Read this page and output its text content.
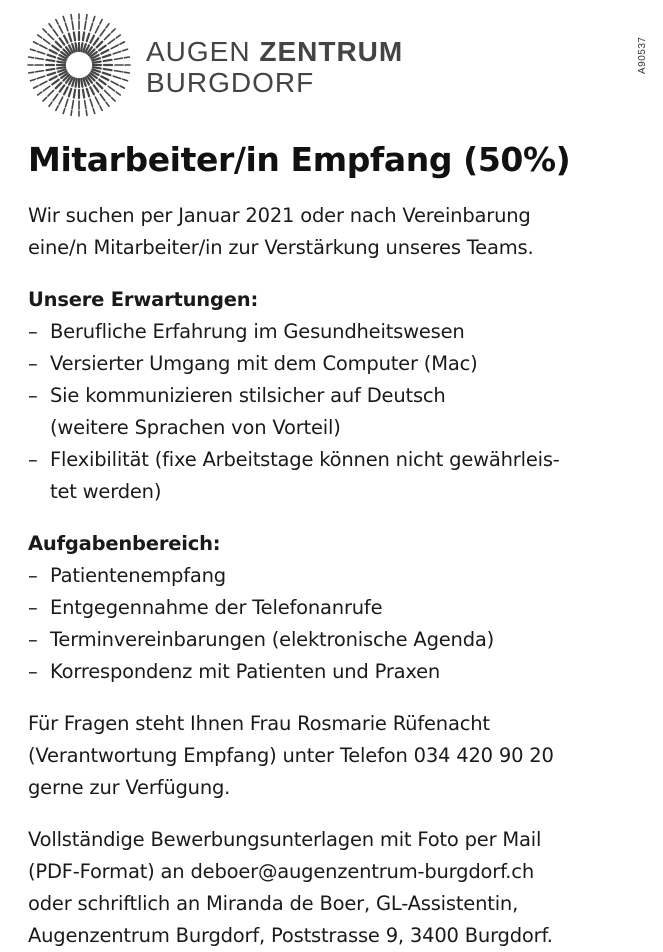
A90537
AUGEN ZENTRUM
BURGDORF
Mitarbeiter/in Empfang (50%)

Wir suchen per Januar 2021 oder nach Vereinbarung

eine/n Mitarbeiter/in zur Verstärkung unseres Teams.

Unsere Erwartungen:
– Berufliche Erfahrung im Gesundheitswesen
– Versierter Umgang mit dem Computer (Mac)
– Sie kommunizieren stilsicher auf Deutsch
(weitere Sprachen von Vorteil)
– Flexibilität (fixe Arbeitstage können nicht gewährleis-
tet werden)
Aufgabenbereich:
– Patientenempfang
– Entgegennahme der Telefonanrufe
– Terminvereinbarungen (elektronische Agenda)
– Korrespondenz mit Patienten und Praxen

Für Fragen steht Ihnen Frau Rosmarie Rüfenacht

(Verantwortung Empfang) unter Telefon 034 420 90 20

gerne zur Verfügung.

Vollständige Bewerbungsunterlagen mit Foto per Mail

(PDF-Format) an deboer@augenzentrum-burgdorf.ch

oder schriftlich an Miranda de Boer, GL-Assistentin,

Augenzentrum Burgdorf, Poststrasse 9, 3400 Burgdorf.
